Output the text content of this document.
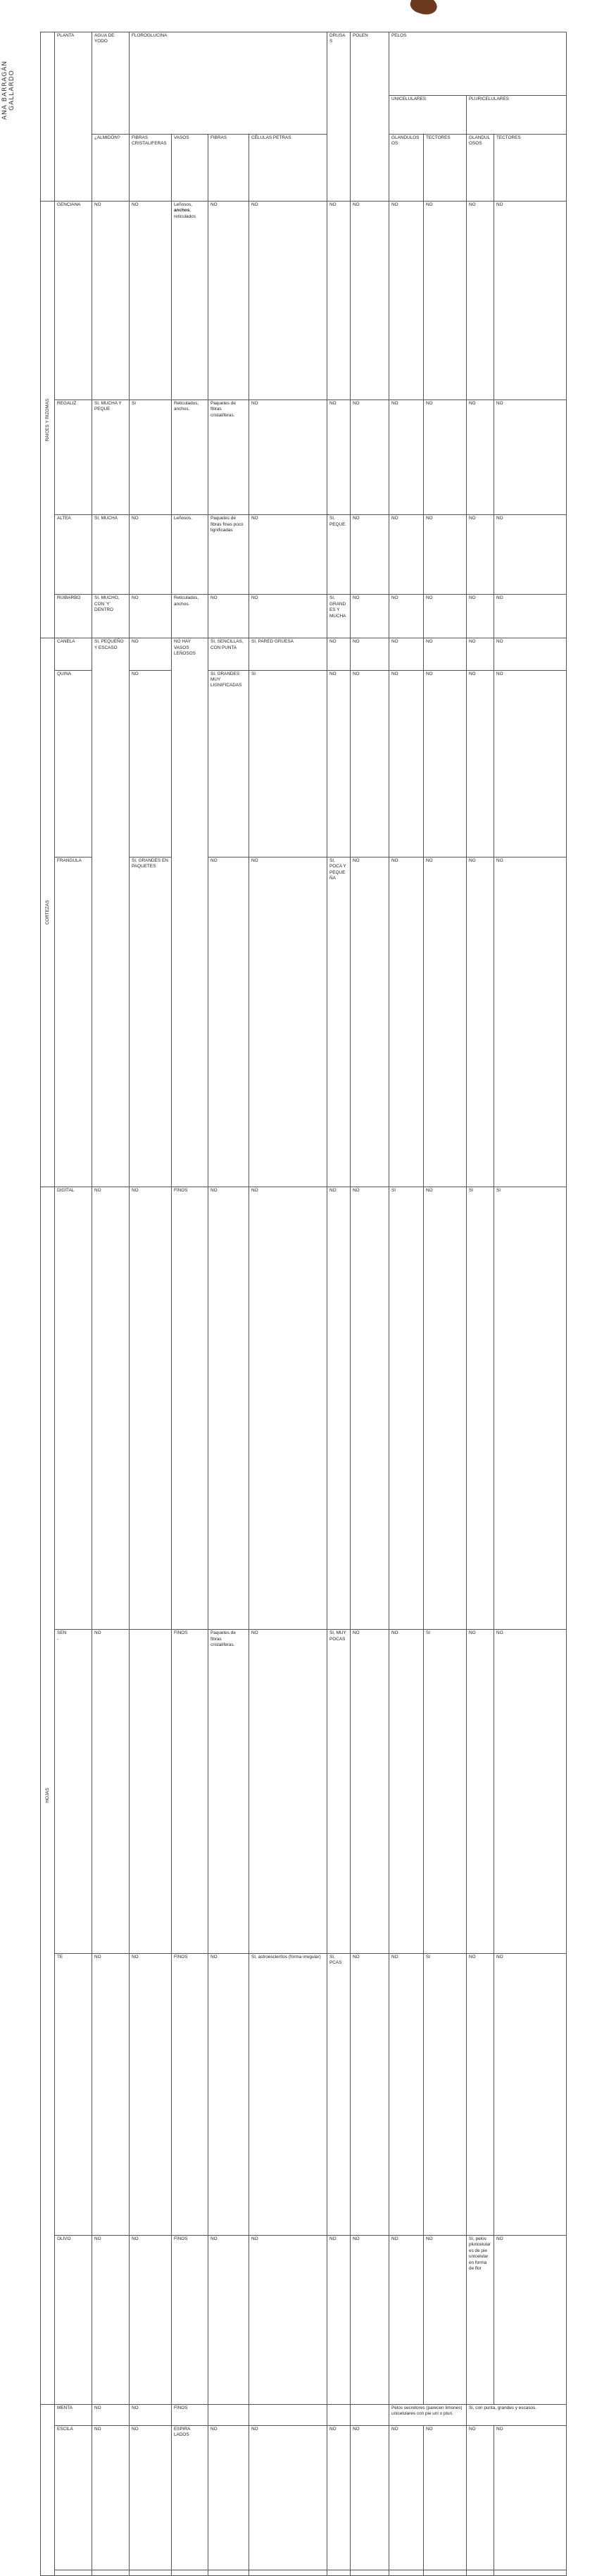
ANA BARRAGÁN GALLARDO
	PLANTA	AGUA DE YODO	FLOROGLUCINA				DRUSAS	POLEN	PELOS	
									UNICELULARES		PLURICELULARES		
		¿ALMIDÓN?	FIBRAS CRISTALIFERAS	VASOS	FIBRAS	CÉLULAS PETRAS			GLANDULOSOS	TECTORES	GLANDULOSOS	TECTORES	

RAICES Y RIZOMAS	GENCIANA	NO	NO	Leñosos,
anchos, reticulados	NO	NO	NO	NO	NO	NO	NO	NO	
	REGALIZ	SI, MUCHA Y PEQUE	SI	Reticulados, anchos.	Paquetes de fibras cristalíferas.	NO	NO	NO	NO	NO	NO	NO	
	ALTEA	SI, MUCHA	NO	Leñosos.	Paquetes de fibras finas poco lignificadas	NO	SI, PEQUE	NO	NO	NO	NO	NO	
	RUIBARBO	SI, MUCHO, CON 'Y' DENTRO	NO	Reticulados, anchos.	NO	NO	SI, GRANDES Y MUCHA	NO	NO	NO	NO	NO	

CORTEZAS	CANELA	SI, PEQUEÑO Y ESCASO	NO	NO HAY VASOS LEÑOSOS	SI, SENCILLAS, CON PUNTA	SI, PARED GRUESA	NO	NO	NO	NO	NO	NO	
	QUINA		NO		SI, GRANDES MUY LIGNIFICADAS	SI	NO	NO	NO	NO	NO	NO	
	FRANGULA		SI, GRANDES EN PAQUETES		NO	NO	SI, POCA Y PEQUEÑA	NO	NO	NO	NO	NO	

HOJAS	DIGITAL	NO	NO	FINOS	NO	NO	NO	NO	SI	NO	SI	SI	
	SEN
-	NO		FINOS	Paquetes de fibras cristalíferas.	NO	SI, MUY POCAS	NO	NO	SI	NO	NO	
	TE	NO	NO	FINOS	NO	SI, astroesclerítos (forma irregular)	SI, PCAS	NO	NO	SI	NO	NO	
	OLIVO	NO	NO	FINOS	NO	NO	NO	NO	NO	NO	Sí, pelos pluricelulares de pie unicelular en forma de flor	NO	
	MENTA	NO	NO	FINOS					Pelos secretores (parecen limones) unicelulares con pie uni o pluri.		Si, con punta, grandes y escasos.		
	ESCILA	NO	NO	ESPIRA LADOS	NO	NO	NO	NO	NO	NO	NO	NO	
